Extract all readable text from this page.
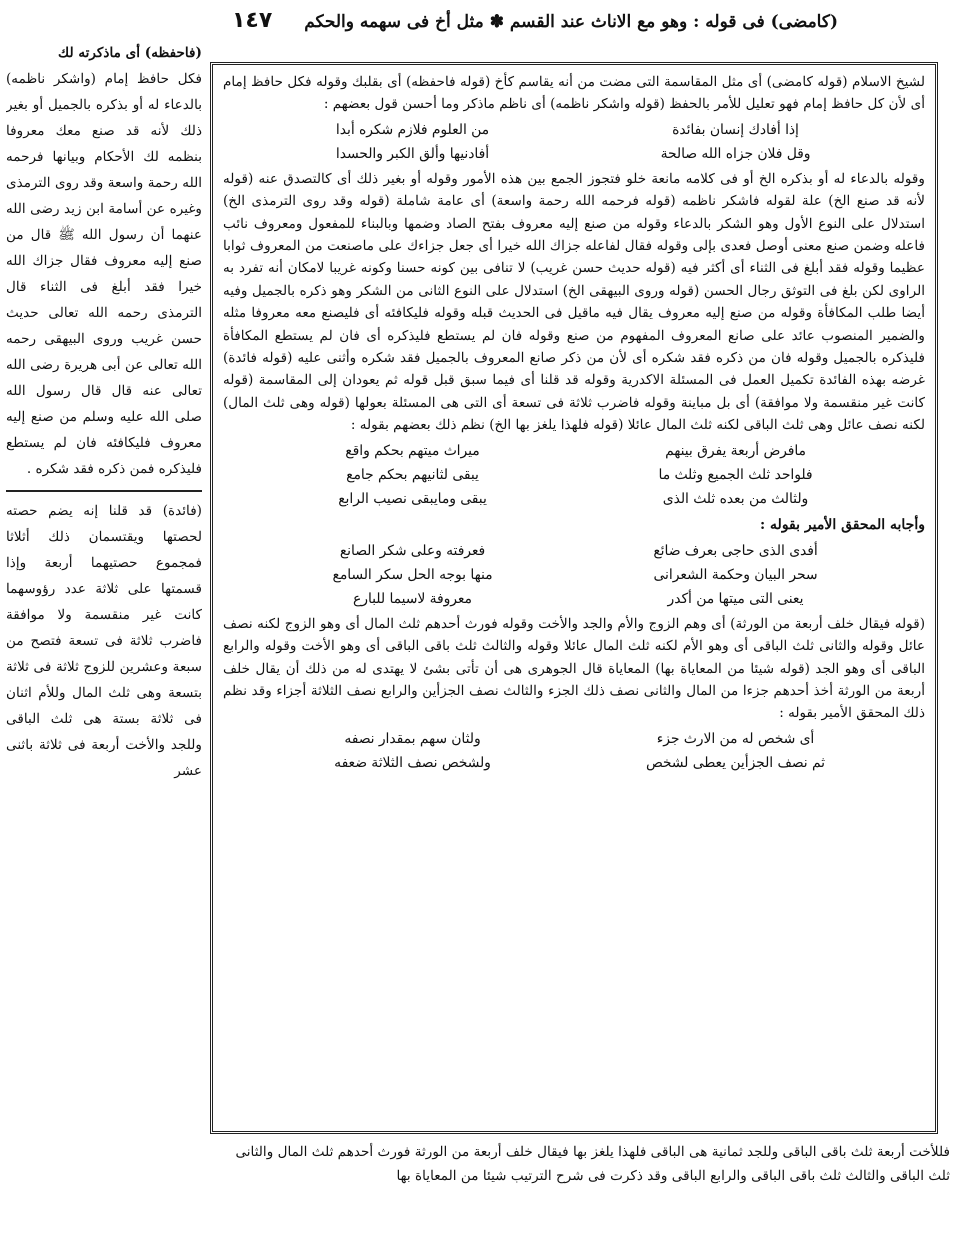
(كامضى) فى قوله : وهو مع الاناث عند القسم ✽ مثل أخ فى سهمه والحكم
١٤٧

لشيخ الاسلام (قوله كامضى) أى مثل المقاسمة التى مضت من أنه يقاسم كأخ (قوله فاحفظه) أى بقلبك وقوله فكل حافظ إمام أى لأن كل حافظ إمام فهو تعليل للأمر بالحفظ (قوله واشكر ناظمه) أى ناظم ماذكر وما أحسن قول بعضهم :

إذا أفادك إنسان بفائدة
من العلوم فلازم شكره أبدا
وقل فلان جزاه الله صالحة
أفادنيها وألق الكبر والحسدا

وقوله بالدعاء له أو بذكره الخ أو فى كلامه مانعة خلو فتجوز الجمع بين هذه الأمور وقوله أو بغير ذلك أى كالتصدق عنه (قوله لأنه قد صنع الخ) علة لقوله فاشكر ناظمه (قوله فرحمه الله رحمة واسعة) أى عامة شاملة (قوله وقد روى الترمذى الخ) استدلال على النوع الأول وهو الشكر بالدعاء وقوله من صنع إليه معروف بفتح الصاد وضمها وبالبناء للمفعول ومعروف نائب فاعله وضمن صنع معنى أوصل فعدى بإلى وقوله فقال لفاعله جزاك الله خيرا أى جعل جزاءك على ماصنعت من المعروف ثوابا عظيما وقوله فقد أبلغ فى الثناء أى أكثر فيه (قوله حديث حسن غريب) لا تنافى بين كونه حسنا وكونه غريبا لامكان أنه تفرد به الراوى لكن بلغ فى التوثق رجال الحسن (قوله وروى البيهقى الخ) استدلال على النوع الثانى من الشكر وهو ذكره بالجميل وفيه أيضا طلب المكافأة وقوله من صنع إليه معروف يقال فيه ماقيل فى الحديث قبله وقوله فليكافئه أى فليصنع معه معروفا مثله والضمير المنصوب عائد على صانع المعروف المفهوم من صنع وقوله فان لم يستطع فليذكره أى فان لم يستطع المكافأة فليذكره بالجميل وقوله فان من ذكره فقد شكره أى لأن من ذكر صانع المعروف بالجميل فقد شكره وأثنى عليه (قوله فائدة) غرضه بهذه الفائدة تكميل العمل فى المسئلة الاكدرية وقوله قد قلنا أى فيما سبق قبل قوله ثم يعودان إلى المقاسمة (قوله كانت غير منقسمة ولا موافقة) أى بل مباينة وقوله فاضرب ثلاثة فى تسعة أى التى هى المسئلة بعولها (قوله وهى ثلث المال) لكنه نصف عائل وهى ثلث الباقى لكنه ثلث المال عائلا (قوله فلهذا يلغز بها الخ) نظم ذلك بعضهم بقوله :

مافرض أربعة يفرق بينهم
ميراث ميتهم بحكم واقع
فلواحد ثلث الجميع وثلث ما
يبقى لثانيهم بحكم جامع
ولثالث من بعده ثلث الذى
يبقى ومايبقى نصيب الرابع

وأجابه المحقق الأمير بقوله :

أفدى الذى حاجى بعرف ضائع
فعرفته وعلى شكر الصانع
سحر البيان وحكمة الشعرانى
منها بوجه الحل سكر السامع
يعنى التى ميتها من أكدر
معروفة لاسيما للبارع

(قوله فيقال خلف أربعة من الورثة) أى وهم الزوج والأم والجد والأخت وقوله فورث أحدهم ثلث المال أى وهو الزوج لكنه نصف عائل وقوله والثانى ثلث الباقى أى وهو الأم لكنه ثلث المال عائلا وقوله والثالث ثلث باقى الباقى أى وهو الأخت وقوله والرابع الباقى أى وهو الجد (قوله شيئا من المعاياة بها) المعاياة قال الجوهرى هى أن تأتى بشئ لا يهتدى له من ذلك أن يقال خلف أربعة من الورثة أخذ أحدهم جزءا من المال والثانى نصف ذلك الجزء والثالث نصف الجزأين والرابع نصف الثلاثة أجزاء وقد نظم ذلك المحقق الأمير بقوله :

أى شخص له من الارث جزء
ولثان سهم بمقدار نصفه
ثم نصف الجزأين يعطى لشخص
ولشخص نصف الثلاثة ضعفه

(فاحفظه) أى ماذكرته لك

فكل حافظ إمام (واشكر ناظمه) بالدعاء له أو بذكره بالجميل أو بغير ذلك لأنه قد صنع معك معروفا بنظمه لك الأحكام وبيانها فرحمه الله رحمة واسعة وقد روى الترمذى وغيره عن أسامة ابن زيد رضى الله عنهما أن رسول الله ﷺ قال من صنع إليه معروف فقال جزاك الله خيرا فقد أبلغ فى الثناء قال الترمذى رحمه الله تعالى حديث حسن غريب وروى البيهقى رحمه الله تعالى عن أبى هريرة رضى الله تعالى عنه قال قال رسول الله صلى الله عليه وسلم من صنع إليه معروف فليكافئه فان لم يستطع فليذكره فمن ذكره فقد شكره .

(فائدة) قد قلنا إنه يضم حصته لحصتها ويقتسمان ذلك أثلاثا فمجموع حصتيهما أربعة وإذا قسمتها على ثلاثة عدد رؤوسهما كانت غير منقسمة ولا موافقة فاضرب ثلاثة فى تسعة فتصح من سبعة وعشرين للزوج ثلاثة فى ثلاثة بتسعة وهى ثلث المال وللأم اثنان فى ثلاثة بستة هى ثلث الباقى وللجد والأخت أربعة فى ثلاثة باثنى عشر

فللأخت أربعة ثلث باقى الباقى وللجد ثمانية هى الباقى فلهذا يلغز بها فيقال خلف أربعة من الورثة فورث أحدهم ثلث المال والثانى

ثلث الباقى والثالث ثلث باقى الباقى والرابع الباقى وقد ذكرت فى شرح الترتيب شيئا من المعاياة بها
